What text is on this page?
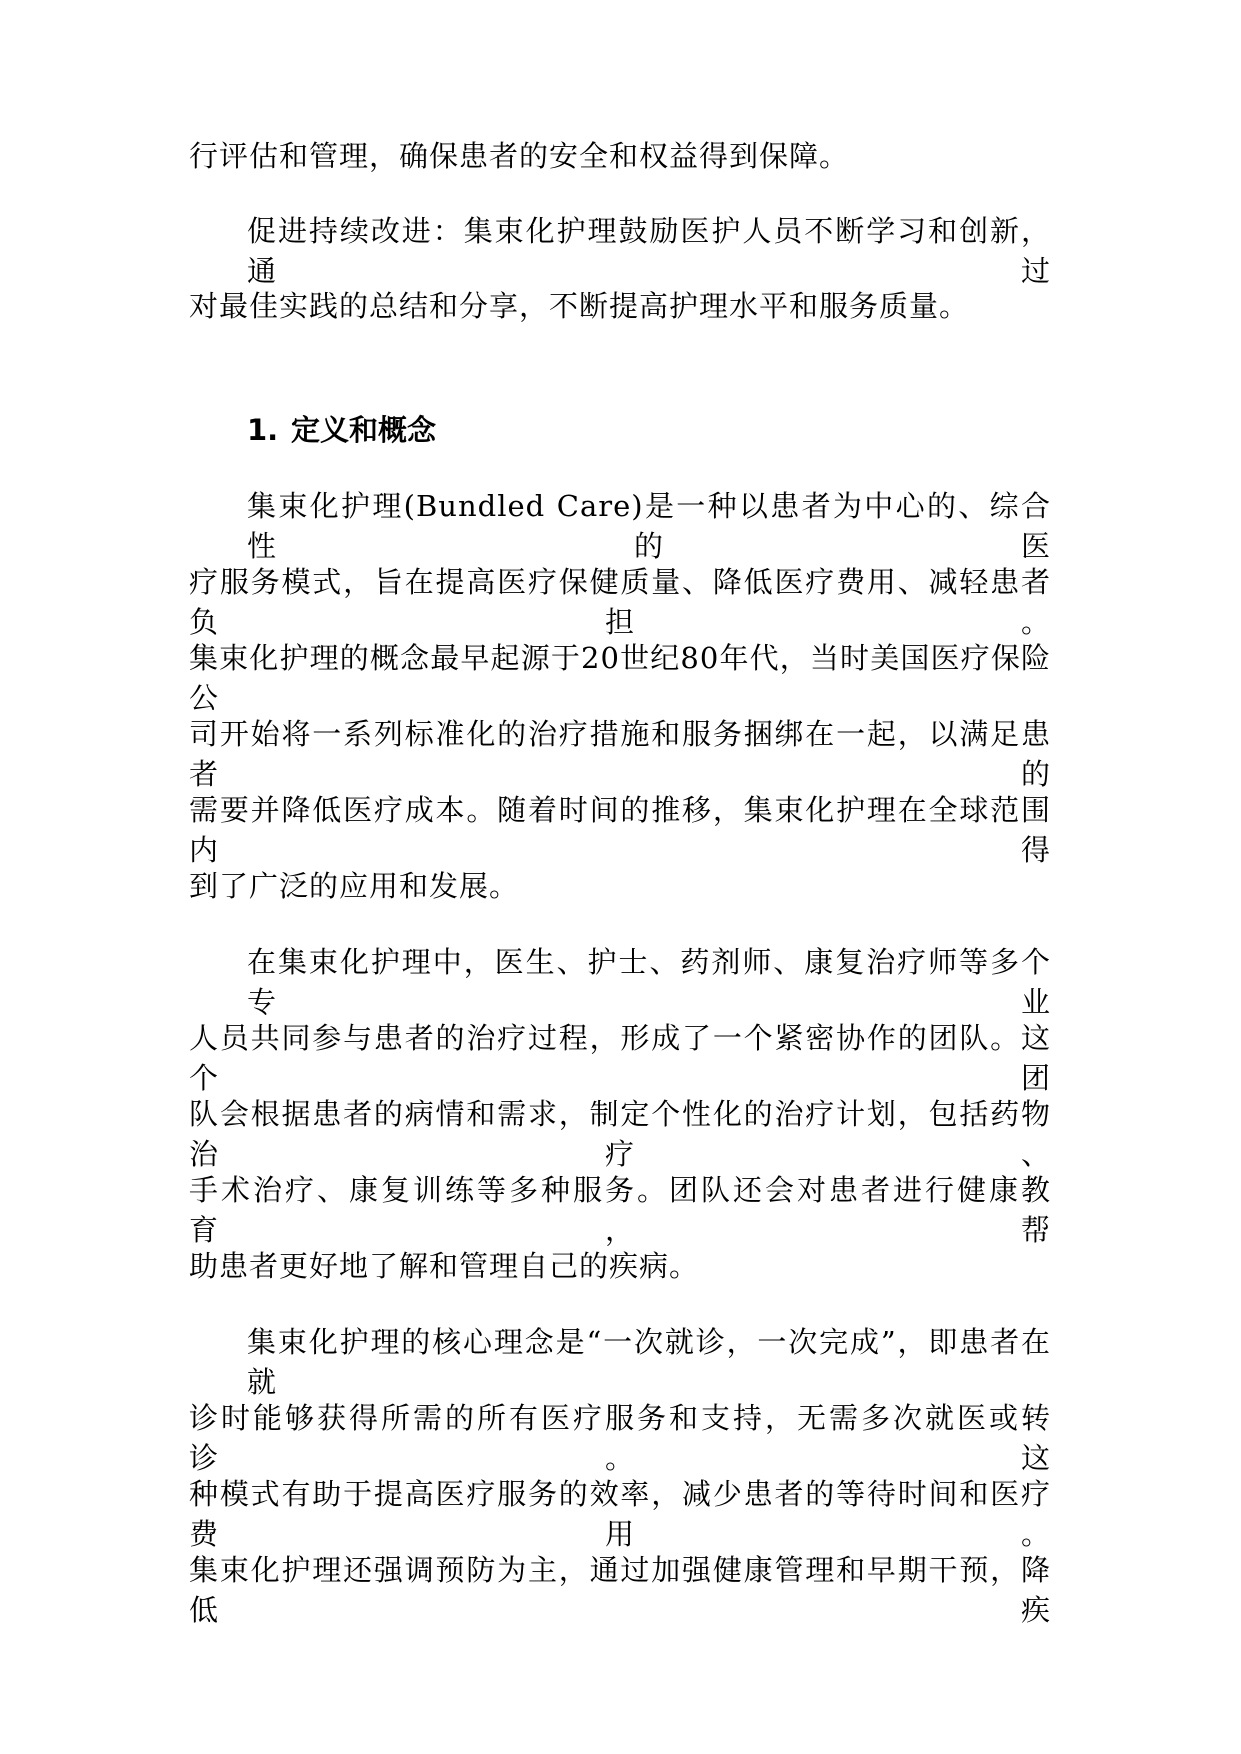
行评估和管理，确保患者的安全和权益得到保障。
促进持续改进：集束化护理鼓励医护人员不断学习和创新，通过
对最佳实践的总结和分享，不断提高护理水平和服务质量。
1. 定义和概念
集束化护理(Bundled Care)是一种以患者为中心的、综合性的医
疗服务模式，旨在提高医疗保健质量、降低医疗费用、减轻患者负担。
集束化护理的概念最早起源于20世纪80年代，当时美国医疗保险公
司开始将一系列标准化的治疗措施和服务捆绑在一起，以满足患者的
需要并降低医疗成本。随着时间的推移，集束化护理在全球范围内得
到了广泛的应用和发展。
在集束化护理中，医生、护士、药剂师、康复治疗师等多个专业
人员共同参与患者的治疗过程，形成了一个紧密协作的团队。这个团
队会根据患者的病情和需求，制定个性化的治疗计划，包括药物治疗、
手术治疗、康复训练等多种服务。团队还会对患者进行健康教育，帮
助患者更好地了解和管理自己的疾病。
集束化护理的核心理念是“一次就诊，一次完成”，即患者在就
诊时能够获得所需的所有医疗服务和支持，无需多次就医或转诊。这
种模式有助于提高医疗服务的效率，减少患者的等待时间和医疗费用。
集束化护理还强调预防为主，通过加强健康管理和早期干预，降低疾
